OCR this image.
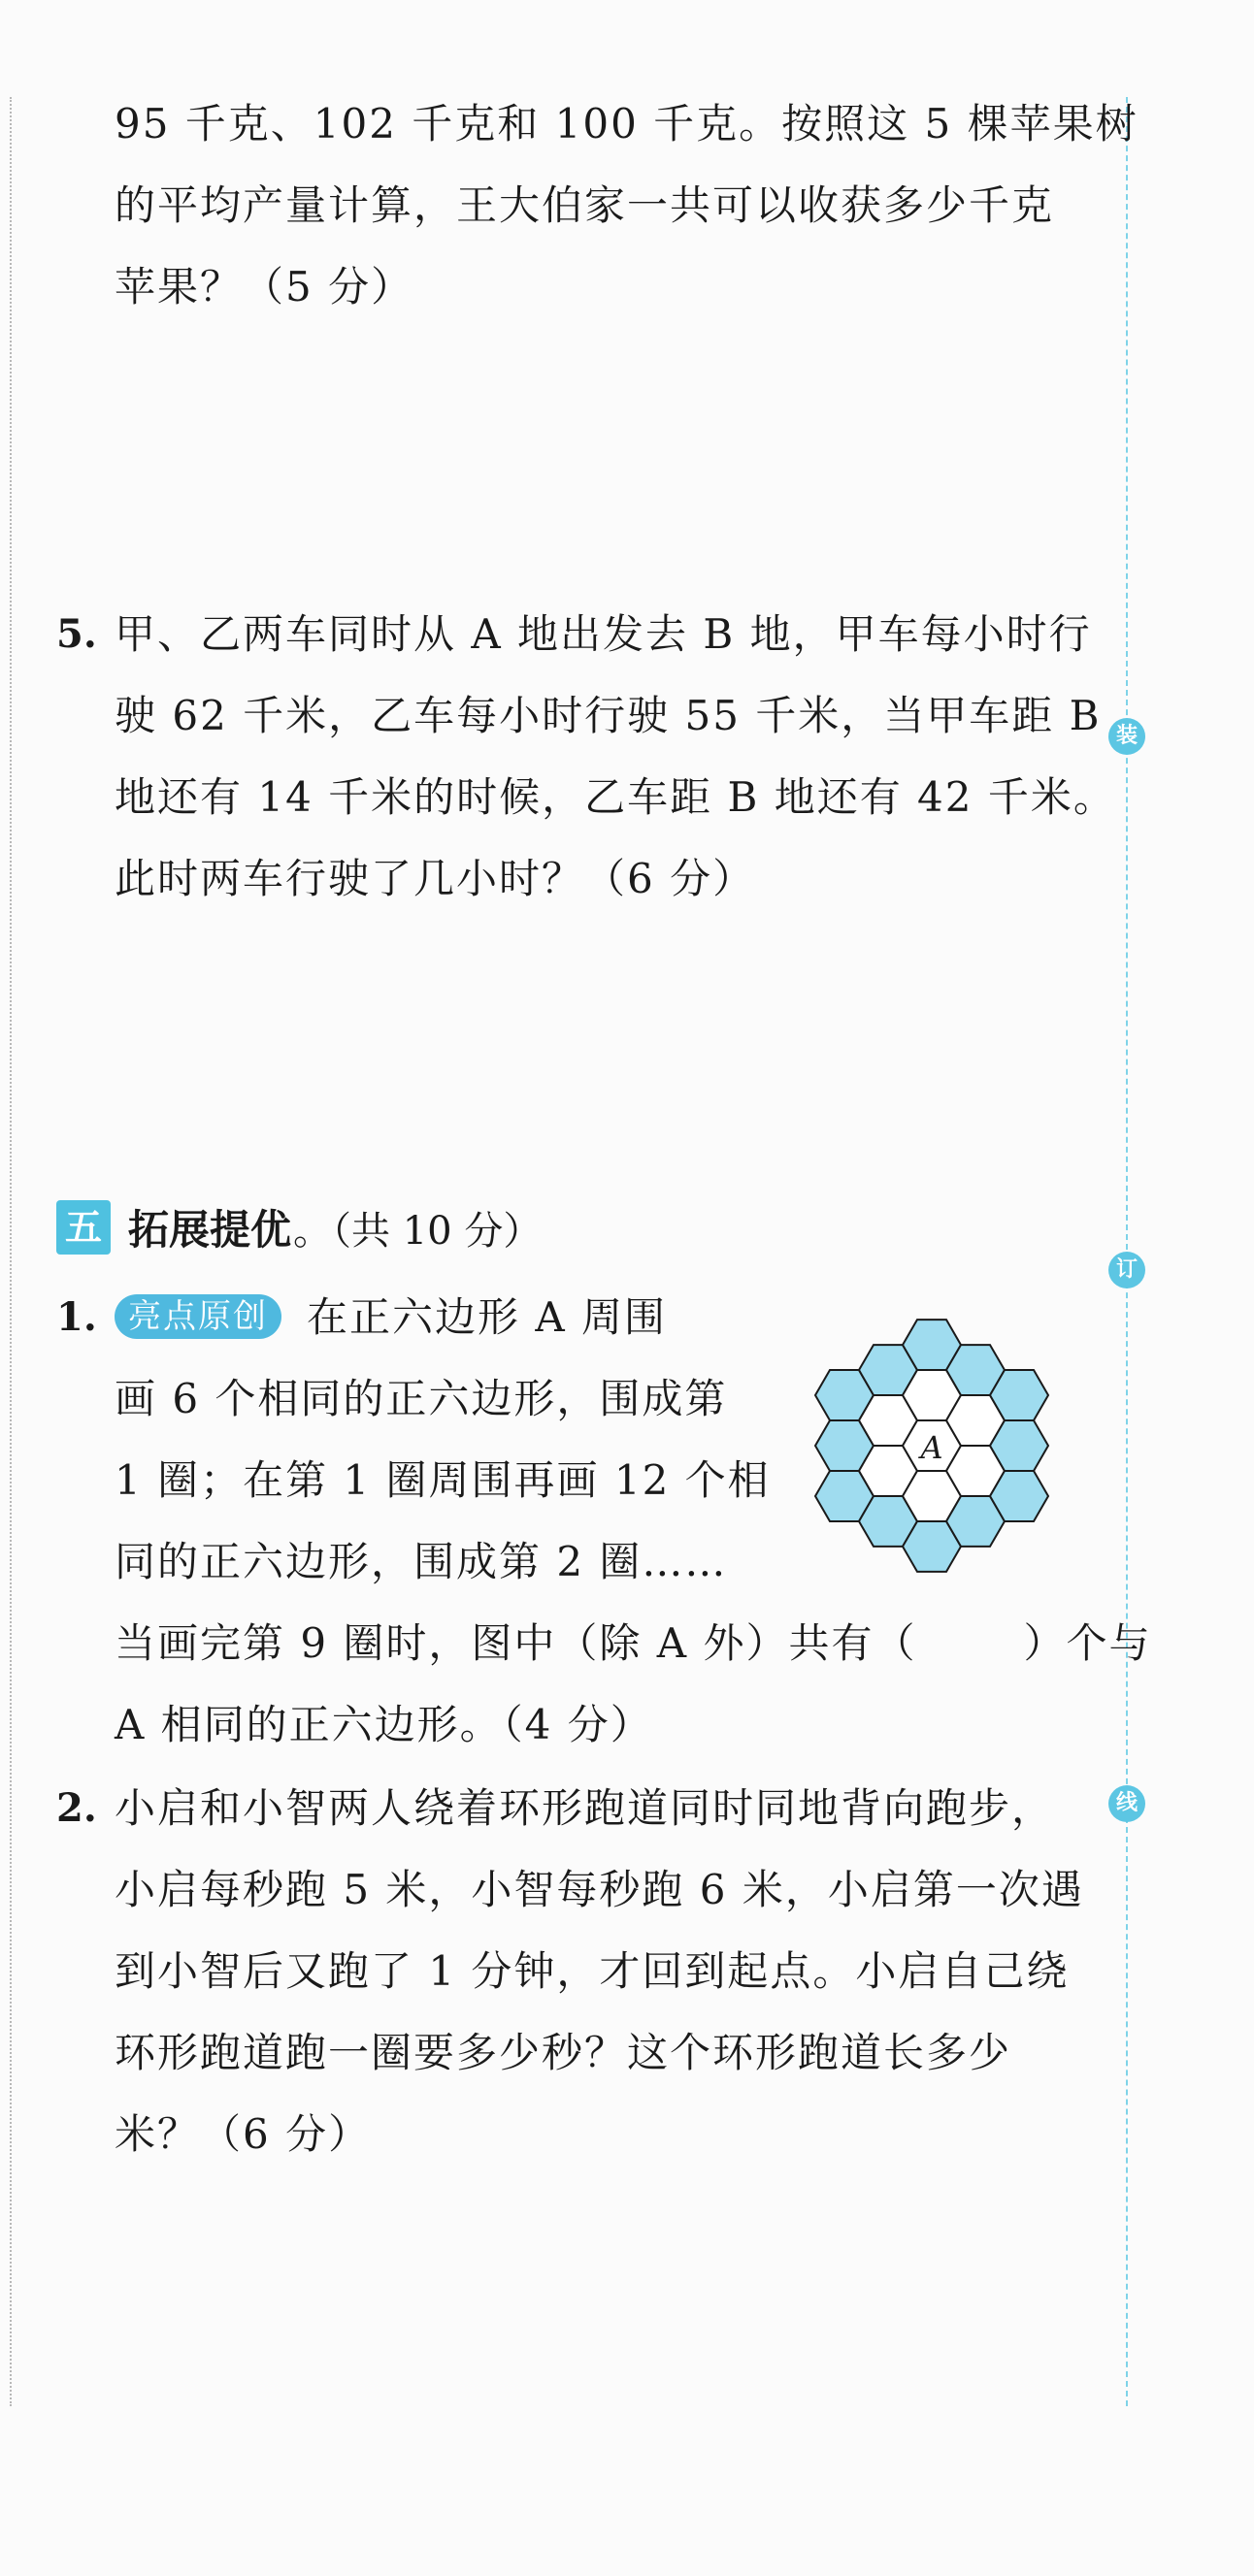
装
订
线
95 千克、102 千克和 100 千克。按照这 5 棵苹果树
的平均产量计算，王大伯家一共可以收获多少千克
苹果？（5 分）
5. 甲、乙两车同时从 A 地出发去 B 地，甲车每小时行
驶 62 千米，乙车每小时行驶 55 千米，当甲车距 B
地还有 14 千米的时候，乙车距 B 地还有 42 千米。
此时两车行驶了几小时？（6 分）
五 拓展提优 。（共 10 分）
1. 亮点原创 在正六边形 A 周围
画 6 个相同的正六边形，围成第
1 圈；在第 1 圈周围再画 12 个相
同的正六边形，围成第 2 圈……
当画完第 9 圈时，图中（除 A 外）共有（	）个与
A 相同的正六边形。（4 分）
A
2. 小启和小智两人绕着环形跑道同时同地背向跑步，
小启每秒跑 5 米，小智每秒跑 6 米，小启第一次遇
到小智后又跑了 1 分钟，才回到起点。小启自己绕
环形跑道跑一圈要多少秒？这个环形跑道长多少
米？（6 分）
